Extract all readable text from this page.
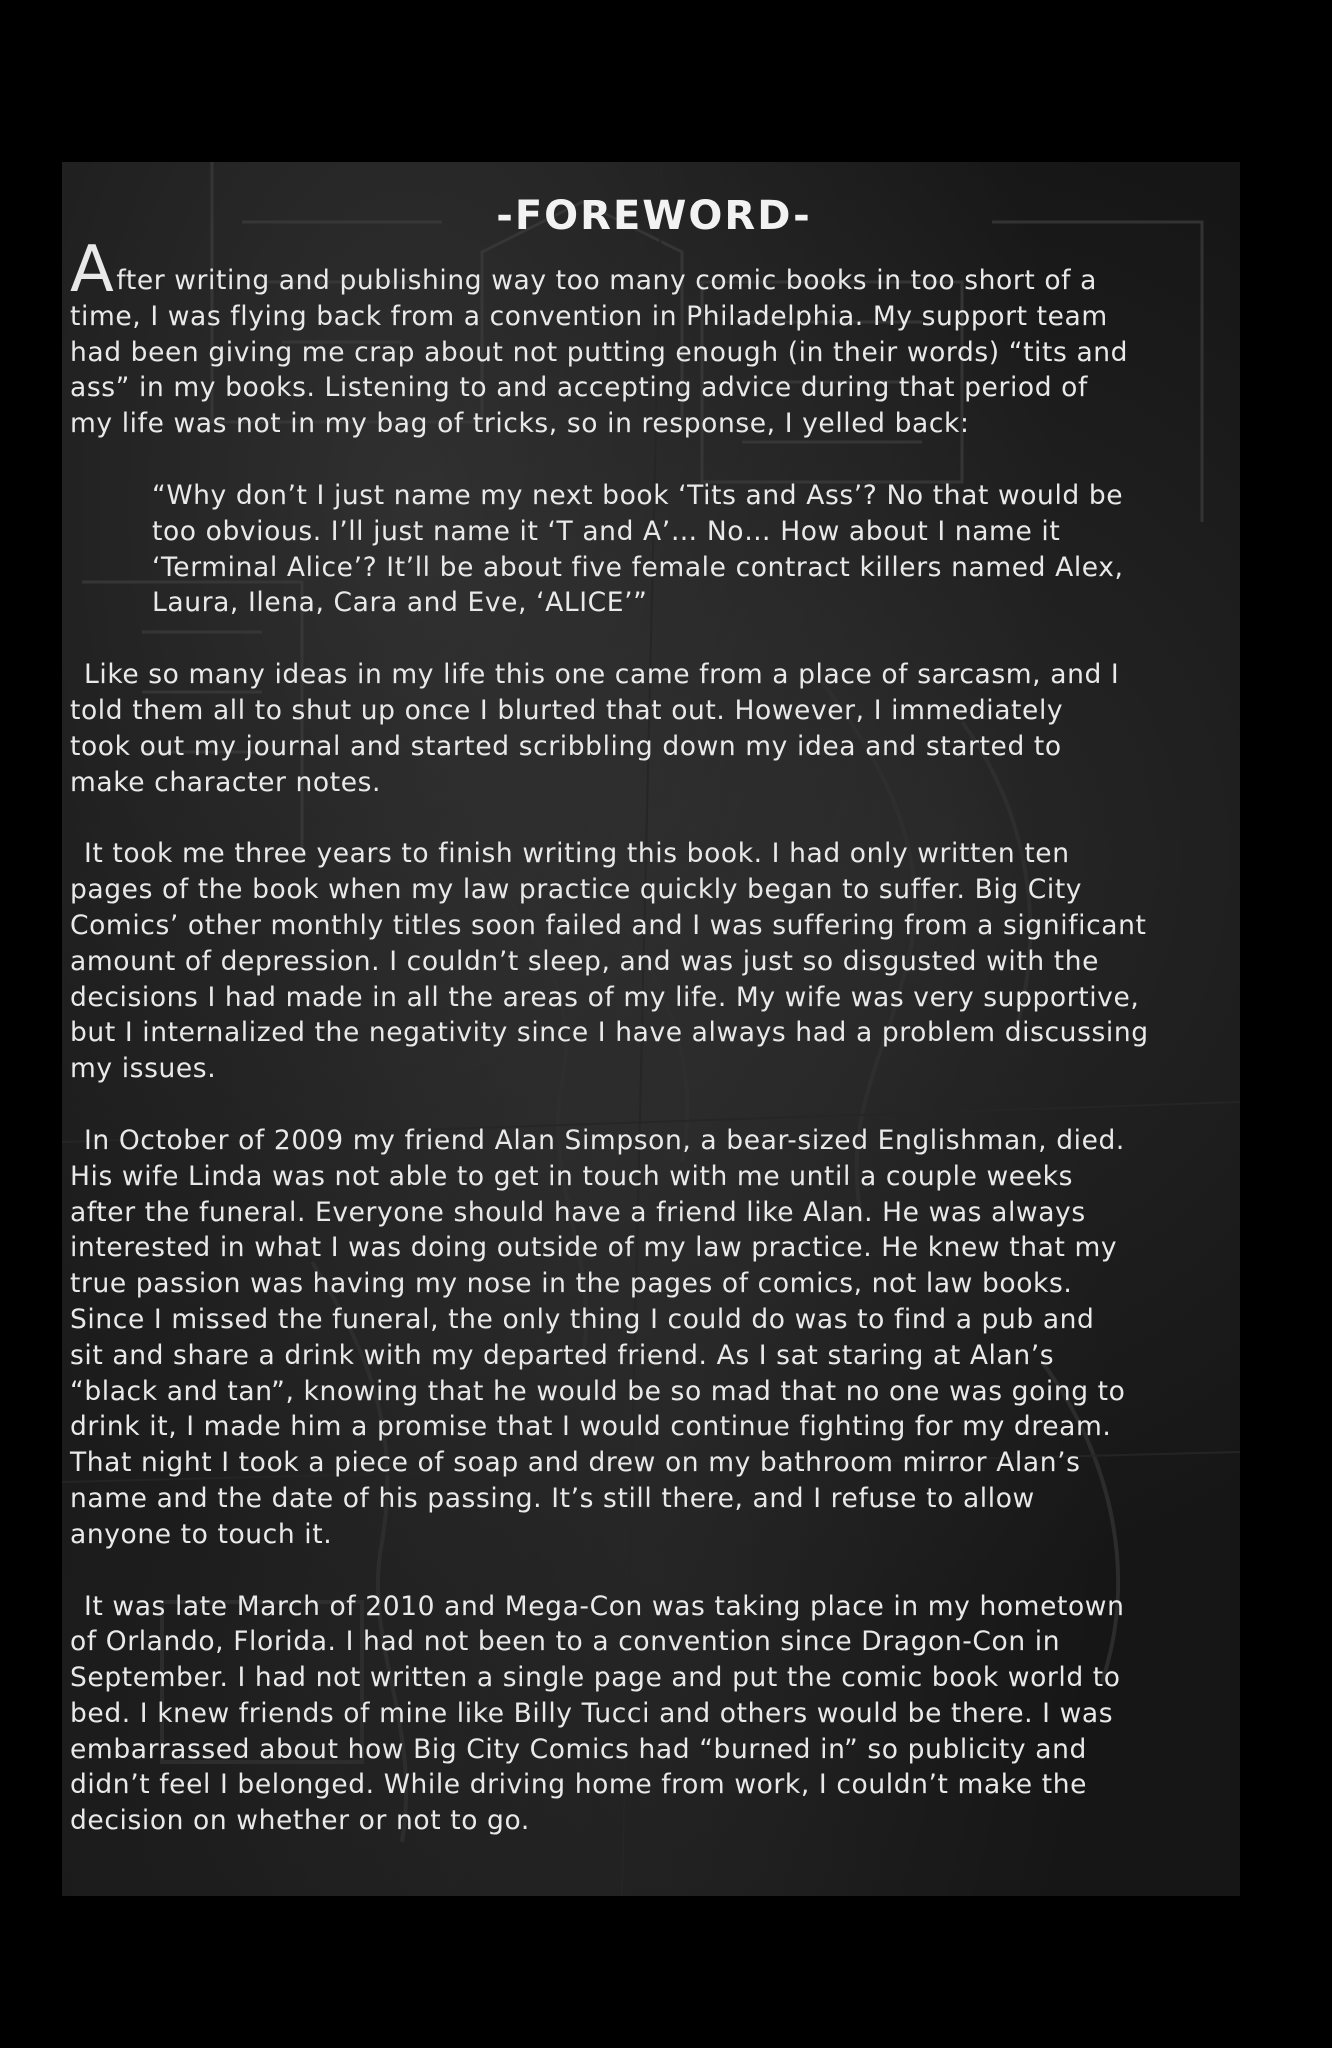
-FOREWORD-
After writing and publishing way too many comic books in too short of a
time, I was flying back from a convention in Philadelphia. My support team
had been giving me crap about not putting enough (in their words) “tits and
ass” in my books. Listening to and accepting advice during that period of
my life was not in my bag of tricks, so in response, I yelled back:
“Why don’t I just name my next book ‘Tits and Ass’? No that would be
too obvious. I’ll just name it ‘T and A’… No… How about I name it
‘Terminal Alice’? It’ll be about five female contract killers named Alex,
Laura, Ilena, Cara and Eve, ‘ALICE’”
Like so many ideas in my life this one came from a place of sarcasm, and I
told them all to shut up once I blurted that out. However, I immediately
took out my journal and started scribbling down my idea and started to
make character notes.
It took me three years to finish writing this book. I had only written ten
pages of the book when my law practice quickly began to suffer. Big City
Comics’ other monthly titles soon failed and I was suffering from a significant
amount of depression. I couldn’t sleep, and was just so disgusted with the
decisions I had made in all the areas of my life. My wife was very supportive,
but I internalized the negativity since I have always had a problem discussing
my issues.
In October of 2009 my friend Alan Simpson, a bear-sized Englishman, died.
His wife Linda was not able to get in touch with me until a couple weeks
after the funeral. Everyone should have a friend like Alan. He was always
interested in what I was doing outside of my law practice. He knew that my
true passion was having my nose in the pages of comics, not law books.
Since I missed the funeral, the only thing I could do was to find a pub and
sit and share a drink with my departed friend. As I sat staring at Alan’s
“black and tan”, knowing that he would be so mad that no one was going to
drink it, I made him a promise that I would continue fighting for my dream.
That night I took a piece of soap and drew on my bathroom mirror Alan’s
name and the date of his passing. It’s still there, and I refuse to allow
anyone to touch it.
It was late March of 2010 and Mega-Con was taking place in my hometown
of Orlando, Florida. I had not been to a convention since Dragon-Con in
September. I had not written a single page and put the comic book world to
bed. I knew friends of mine like Billy Tucci and others would be there. I was
embarrassed about how Big City Comics had “burned in” so publicity and
didn’t feel I belonged. While driving home from work, I couldn’t make the
decision on whether or not to go.
